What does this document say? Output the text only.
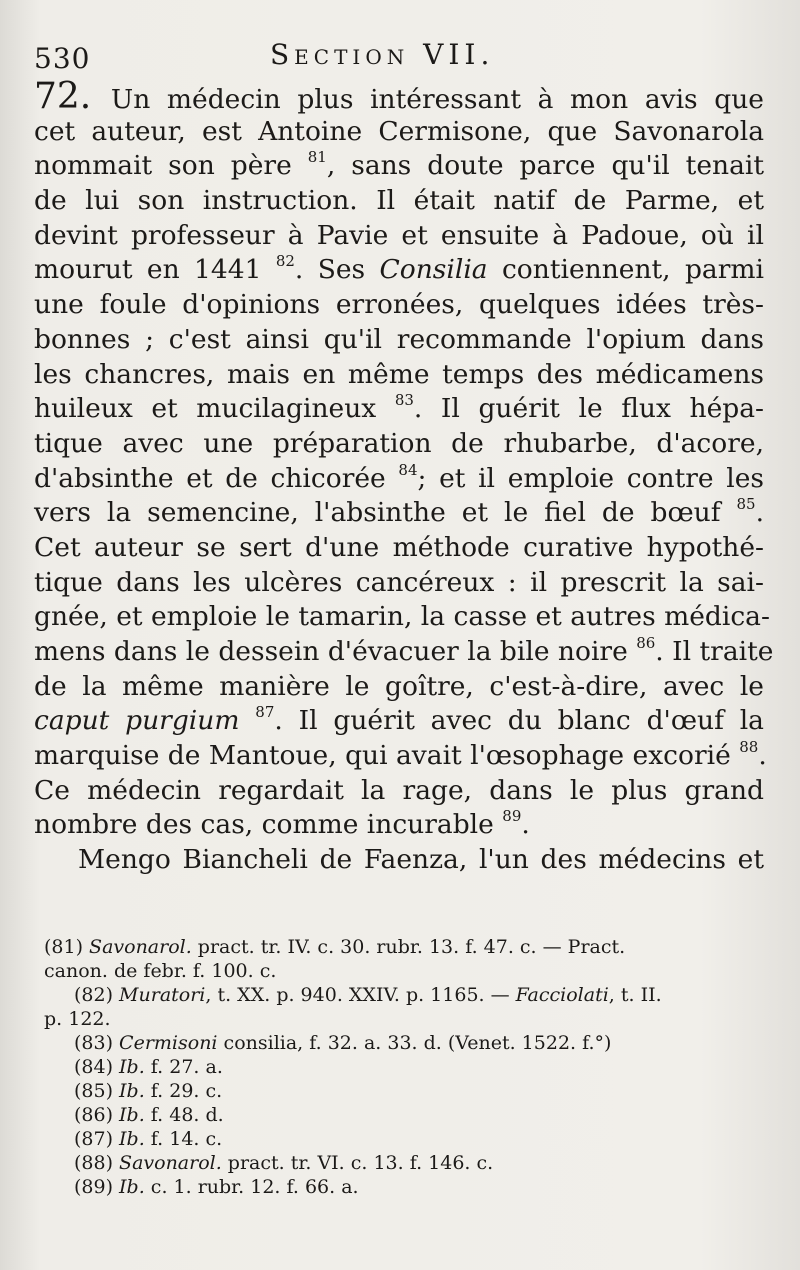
530	Section VII.
72. Un médecin plus intéressant à mon avis que
cet auteur, est Antoine Cermisone, que Savonarola
nommait son père $^{81}$, sans doute parce qu'il tenait
de lui son instruction. Il était natif de Parme, et
devint professeur à Pavie et ensuite à Padoue, où il
mourut en 1441 $^{82}$. Ses Consilia contiennent, parmi
une foule d'opinions erronées, quelques idées très-
bonnes ; c'est ainsi qu'il recommande l'opium dans
les chancres, mais en même temps des médicamens
huileux et mucilagineux $^{83}$. Il guérit le flux hépa-
tique avec une préparation de rhubarbe, d'acore,
d'absinthe et de chicorée $^{84}$; et il emploie contre les
vers la semencine, l'absinthe et le fiel de bœuf $^{85}$.
Cet auteur se sert d'une méthode curative hypothé-
tique dans les ulcères cancéreux : il prescrit la sai-
gnée, et emploie le tamarin, la casse et autres médica-
mens dans le dessein d'évacuer la bile noire $^{86}$. Il traite
de la même manière le goître, c'est-à-dire, avec le
caput purgium $^{87}$. Il guérit avec du blanc d'œuf la
marquise de Mantoue, qui avait l'œsophage excorié $^{88}$.
Ce médecin regardait la rage, dans le plus grand
nombre des cas, comme incurable $^{89}$.
Mengo Biancheli de Faenza, l'un des médecins et
(81) Savonarol. pract. tr. IV. c. 30. rubr. 13. f. 47. c. — Pract.
canon. de febr. f. 100. c.
(82) Muratori, t. XX. p. 940. XXIV. p. 1165. — Facciolati, t. II.
p. 122.
(83) Cermisoni consilia, f. 32. a. 33. d. (Venet. 1522. f.°)
(84) Ib. f. 27. a.
(85) Ib. f. 29. c.
(86) Ib. f. 48. d.
(87) Ib. f. 14. c.
(88) Savonarol. pract. tr. VI. c. 13. f. 146. c.
(89) Ib. c. 1. rubr. 12. f. 66. a.
